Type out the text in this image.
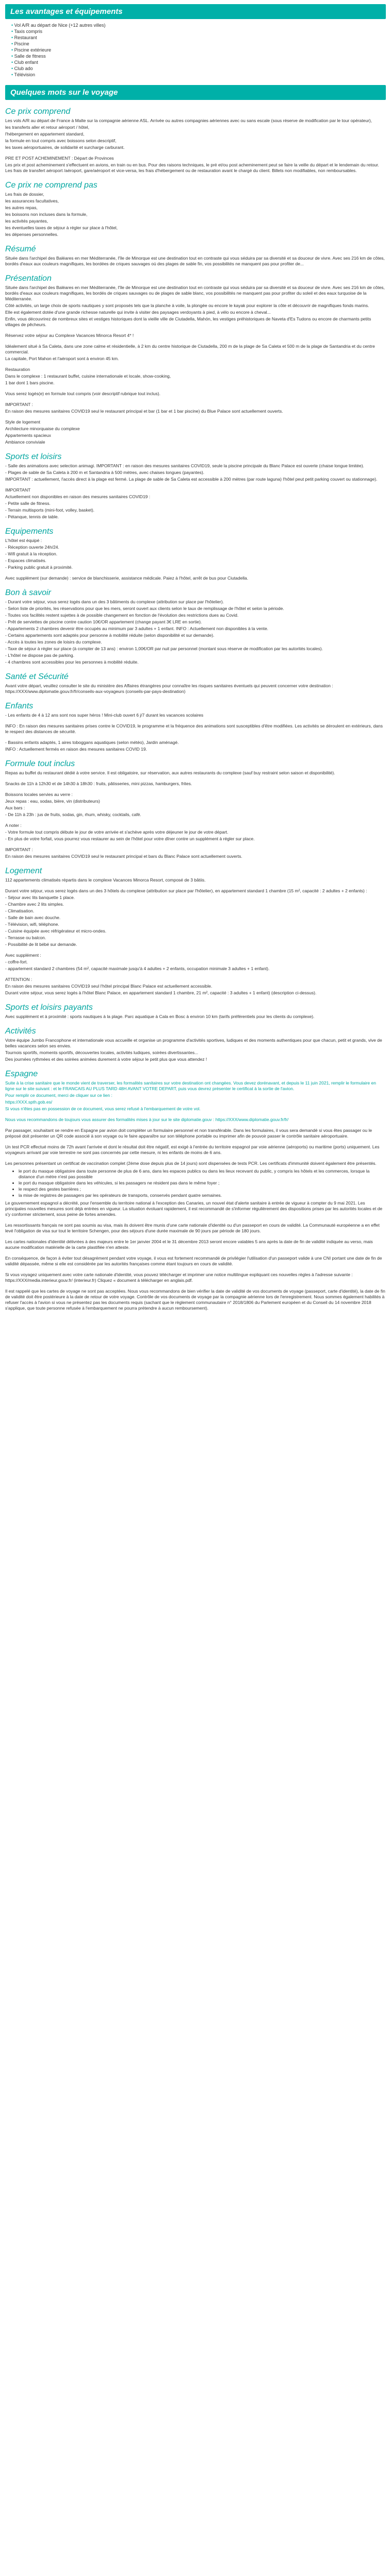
Les avantages et équipements
• Vol A/R au départ de Nice (+12 autres villes)
• Taxis compris
• Restaurant
• Piscine
• Piscine extérieure
• Salle de fitness
• Club enfant
• Club ado
• Télévision
Quelques mots sur le voyage
Ce prix comprend

Les vols A/R au départ de France à Malte sur la compagnie aérienne ASL. Arrivée ou autres compagnies aériennes avec ou sans escale (sous réserve de modification par le tour opérateur),

les transferts aller et retour aéroport / hôtel,

l'hébergement en appartement standard,

la formule en tout compris avec boissons selon descriptif,

les taxes aéroportuaires, de solidarité et surcharge carburant.

PRE ET POST ACHEMINEMENT : Départ de Provinces

Les prix et post acheminement s'effectuent en avions, en train ou en bus. Pour des raisons techniques, le pré et/ou post acheminement peut se faire la veille du départ et le lendemain du retour. Les frais de transfert aéroport /aéroport, gare/aéroport et vice-versa, les frais d'hébergement ou de restauration avant le chargé du client. Billets non modifiables, non remboursables.

Ce prix ne comprend pas

Les frais de dossier,

les assurances facultatives,

les autres repas,

les boissons non incluses dans la formule,

les activités payantes,

les éventuelles taxes de séjour à régler sur place à l'hôtel,

les dépenses personnelles.

Résumé

Située dans l'archipel des Baléares en mer Méditerranée, l'île de Minorque est une destination tout en contraste qui vous séduira par sa diversité et sa douceur de vivre. Avec ses 216 km de côtes, bordés d'eaux aux couleurs magnifiques, les bordées de criques sauvages où des plages de sable fin, vos possibilités ne manquent pas pour profiter de...

Présentation

Située dans l'archipel des Baléares en mer Méditerranée, l'île de Minorque est une destination tout en contraste qui vous séduira par sa diversité et sa douceur de vivre. Avec ses 216 km de côtes, bordés d'eaux aux couleurs magnifiques, les bordés de criques sauvages ou de plages de sable blanc, vos possibilités ne manquent pas pour profiter du soleil et des eaux turquoise de la Méditerranée.

Côté activités, un large choix de sports nautiques y sont proposés tels que la planche à voile, la plongée ou encore le kayak pour explorer la côte et découvrir de magnifiques fonds marins.

Elle est également dotée d'une grande richesse naturelle qui invite à visiter des paysages verdoyants à pied, à vélo ou encore à cheval...

Enfin, vous découvrirez de nombreux sites et vestiges historiques dont la vieille ville de Ciutadella, Mahón, les vestiges préhistoriques de Naveta d'Es Tudons ou encore de charmants petits villages de pêcheurs.

Réservez votre séjour au Complexe Vacances Minorca Resort 4* !

Idéalement situé à Sa Caleta, dans une zone calme et résidentielle, à 2 km du centre historique de Ciutadella, 200 m de la plage de Sa Caleta et 500 m de la plage de Santandria et du centre commercial.

La capitale, Port Mahon et l'aéroport sont à environ 45 km.

Restauration

Dans le complexe : 1 restaurant buffet, cuisine internationale et locale, show-cooking,

1 bar dont 1 bars piscine.

Vous serez logés(e) en formule tout compris (voir descriptif rubrique tout inclus).

IMPORTANT :

En raison des mesures sanitaires COVID19 seul le restaurant principal et bar (1 bar et 1 bar piscine) du Blue Palace sont actuellement ouverts.

Style de logement

Architecture minorquaise du complexe

Appartements spacieux

Ambiance conviviale

Sports et loisirs

- Salle des animations avec selection animagi. IMPORTANT : en raison des mesures sanitaires COVID19, seule la piscine principale du Blanc Palace est ouverte (chaise longue limitée).

- Plages de sable de Sa Caleta à 200 m et Santandria à 500 mètres, avec chaises longues (payantes).

IMPORTANT : actuellement, l'accès direct à la plage est fermé. La plage de sable de Sa Caleta est accessible à 200 mètres (par route laguna) l'hôtel peut petit parking couvert ou stationnage).

IMPORTANT

Actuellement non disponibles en raison des mesures sanitaires COVID19 :

- Petite salle de fitness.

- Terrain multisports (mini-foot, volley, basket).

- Pétanque, tennis de table.

Equipements

L'hôtel est équipé :

- Réception ouverte 24h/24.

- Wifi gratuit à la réception.

- Espaces climatisés.

- Parking public gratuit à proximité.

Avec supplément (sur demande) : service de blanchisserie, assistance médicale. Paiez à l'hôtel, arrêt de bus pour Ciutadella.

Bon à savoir

- Durant votre séjour, vous serez logés dans un des 3 bâtiments du complexe (attribution sur place par l'hôtelier).

- Selon liste de priorités, les réservations pour que les mers, seront ouvert aux clients selon le taux de remplissage de l'hôtel et selon la période.

- Toutes vos facilités restent sujettes à de possible changement en fonction de l'évolution des restrictions dues au Covid.

- Prêt de serviettes de piscine contre caution 10€/OR appartement (change payant 3€ LRE en sortie).

- Appartements 2 chambres devenir être occupés au minimum par 3 adultes + 1 enfant. INFO : Actuellement non disponibles à la vente.

- Certains appartements sont adaptés pour personne à mobilité réduite (selon disponibilité et sur demande).

- Accès à toutes les zones de loisirs du complexe.

- Taxe de séjour à régler sur place (à compter de 13 ans) : environ 1,00€/OR par nuit par personnel (montant sous réserve de modification par les autorités locales).

- L'hôtel ne dispose pas de parking.

- 4 chambres sont accessibles pour les personnes à mobilité réduite.

Santé et Sécurité

Avant votre départ, veuillez consulter le site du ministère des Affaires étrangères pour connaître les risques sanitaires éventuels qui peuvent concerner votre destination : https://XXX/www.diplomatie.gouv.fr/fr/conseils-aux-voyageurs (conseils-par-pays-destination)

Enfants

- Les enfants de 4 à 12 ans sont nos super héros ! Mini-club ouvert 6 j/7 durant les vacances scolaires

INFO : En raison des mesures sanitaires prises contre le COVID19, le programme et la fréquence des animations sont susceptibles d'être modifiées. Les activités se déroulent en extérieurs, dans le respect des distances de sécurité.

- Bassins enfants adaptés, 1 aires toboggans aquatiques (selon météo), Jardin aménagé.

INFO : Actuellement fermés en raison des mesures sanitaires COVID 19.

Formule tout inclus

Repas au buffet du restaurant dédié à votre service. Il est obligatoire, sur réservation, aux autres restaurants du complexe (sauf buy restraint selon saison et disponibilité).

Snacks de 11h à 12h30 et de 14h30 à 18h30 : fruits, pâtisseries, mini pizzas, hamburgers, frites.

Boissons locales servies au verre :

Jeux repas : eau, sodas, bière, vin (distributeurs)

Aux bars :

- De 11h à 23h : jus de fruits, sodas, gin, rhum, whisky, cocktails, café.

A noter :

- Votre formule tout compris débute le jour de votre arrivée et s'achève après votre déjeuner le jour de votre départ.

- En plus de votre forfait, vous pourrez vous restaurer au sein de l'hôtel pour votre dîner contre un supplément à régler sur place.

IMPORTANT :

En raison des mesures sanitaires COVID19 seul le restaurant principal et bars du Blanc Palace sont actuellement ouverts.

Logement

112 appartements climatisés répartis dans le complexe Vacances Minorca Resort, composé de 3 bâtiis.

Durant votre séjour, vous serez logés dans un des 3 hôtels du complexe (attribution sur place par l'hôtelier), en appartement standard 1 chambre (15 m², capacité : 2 adultes + 2 enfants) :

- Séjour avec lits banquette 1 place.

- Chambre avec 2 lits simples.

- Climatisation.

- Salle de bain avec douche.

- Télévision, wifi, téléphone.

- Cuisine équipée avec réfrigérateur et micro-ondes.

- Terrasse ou balcon.

- Possibilité de lit bébé sur demande.

Avec supplément :

- coffre-fort.

- appartement standard 2 chambres (54 m², capacité maximale jusqu'à 4 adultes + 2 enfants, occupation minimale 3 adultes + 1 enfant).

ATTENTION :

En raison des mesures sanitaires COVID19 seul l'hôtel principal Blanc Palace est actuellement accessible.

Durant votre séjour, vous serez logés à l'hôtel Blanc Palace, en appartement standard 1 chambre, 21 m², capacité : 3 adultes + 1 enfant) (description ci-dessus).

Sports et loisirs payants

Avec supplément et à proximité : sports nautiques à la plage. Parc aquatique à Cala en Bosc à environ 10 km (tarifs préférentiels pour les clients du complexe).

Activités

Votre équipe Jumbo Francophone et internationale vous accueille et organise un programme d'activités sportives, ludiques et des moments authentiques pour que chacun, petit et grands, vive de belles vacances selon ses envies.

Tournois sportifs, moments sportifs, découvertes locales, activités ludiques, soirées divertissantes...

Des journées rythmées et des soirées animées durement à votre séjour le petit plus que vous attendez !

Espagne

Suite à la crise sanitaire que le monde vient de traverser, les formalités sanitaires sur votre destination ont changées. Vous devez dorénavant, et depuis le 11 juin 2021, remplir le formulaire en ligne sur le site suivant : et le FRANCAIS AU PLUS TARD 48H AVANT VOTRE DEPART, puis vous devrez présenter le certificat à la sortie de l'avion.

Pour remplir ce document, merci de cliquer sur ce lien :

https://XXX.spth.gob.es/

Si vous n'êtes pas en possession de ce document, vous serez refusé à l'embarquement de votre vol.

Nous vous recommandons de toujours vous assurer des formalités mises à jour sur le site diplomatie.gouv : https://XXX/www.diplomatie.gouv.fr/fr/

Par passager, souhaitant se rendre en Espagne par avion doit compléter un formulaire personnel et non transférable. Dans les formulaires, il vous sera demandé si vous êtes passager ou le préposé doit présenter un QR code associé à son voyage ou le faire apparaître sur son téléphone portable ou imprimer afin de pouvoir passer le contrôle sanitaire aéroportuaire.

Un test PCR effectué moins de 72h avant l'arrivée et dont le résultat doit être négatif, est exigé à l'entrée du territoire espagnol par voie aérienne (aéroports) ou maritime (ports) uniquement. Les voyageurs arrivant par voie terrestre ne sont pas concernés par cette mesure, ni les enfants de moins de 6 ans.

Les personnes présentant un certificat de vaccination complet (2ème dose depuis plus de 14 jours) sont dispensées de tests PCR. Les certificats d'immunité doivent également être présentés.

• le port du masque obligatoire dans toute personne de plus de 6 ans, dans les espaces publics ou dans les lieux recevant du public, y compris les hôtels et les commerces, lorsque la distance d'un mètre n'est pas possible
• le port du masque obligatoire dans les véhicules, si les passagers ne résident pas dans le même foyer ;
• le respect des gestes barrières ;
• la mise de registres de passagers par les opérateurs de transports, conservés pendant quatre semaines.

Le gouvernement espagnol a décrété, pour l'ensemble du territoire national à l'exception des Canaries, un nouvel état d'alerte sanitaire à entrée de vigueur à compter du 9 mai 2021. Les principales nouvelles mesures sont déjà entrées en vigueur. La situation évoluant rapidement, il est recommandé de s'informer régulièrement des dispositions prises par les autorités locales et de s'y conformer strictement, sous peine de fortes amendes.

Les ressortissants français ne sont pas soumis au visa, mais ils doivent être munis d'une carte nationale d'identité ou d'un passeport en cours de validité. La Communauté européenne a en effet levé l'obligation de visa sur tout le territoire Schengen, pour des séjours d'une durée maximale de 90 jours par période de 180 jours.

Les cartes nationales d'identité délivrées à des majeurs entre le 1er janvier 2004 et le 31 décembre 2013 seront encore valables 5 ans après la date de fin de validité indiquée au verso, mais aucune modification matérielle de la carte plastifiée n'en atteste.

En conséquence, de façon à éviter tout désagrément pendant votre voyage, il vous est fortement recommandé de privilégier l'utilisation d'un passeport valide à une CNI portant une date de fin de validité dépassée, même si elle est considérée par les autorités françaises comme étant toujours en cours de validité.

Si vous voyagez uniquement avec votre carte nationale d'identité, vous pouvez télécharger et imprimer une notice multilingue expliquant ces nouvelles règles à l'adresse suivante : https://XXX/media.interieur.gouv.fr/ (interieur.fr) Cliquez « document à télécharger en anglais.pdf.

Il est rappelé que les cartes de voyage ne sont pas acceptées. Nous vous recommandons de bien vérifier la date de validité de vos documents de voyage (passeport, carte d'identité), la date de fin de validité doit être postérieure à la date de retour de votre voyage. Contrôle de vos documents de voyage par la compagnie aérienne lors de l'enregistrement. Nous sommes également habilités à refuser l'accès à l'avion si vous ne présentez pas les documents requis (sachant que le règlement communautaire n° 2018/1806 du Parlement européen et du Conseil du 14 novembre 2018 s'applique, que toute personne refusée à l'embarquement ne pourra prétendre à aucun remboursement).
